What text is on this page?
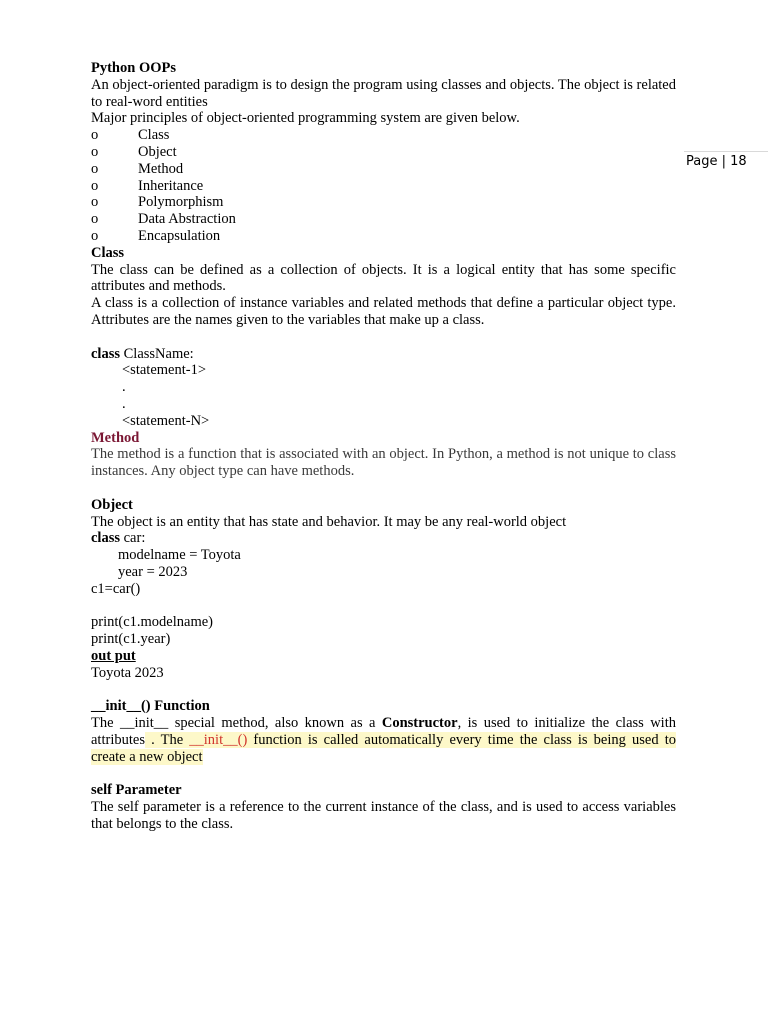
Page | 18
Python OOPs
An object-oriented paradigm is to design the program using classes and objects. The object is related to real-word entities
Major principles of object-oriented programming system are given below.
o	Class
o	Object
o	Method
o	Inheritance
o	Polymorphism
o	Data Abstraction
o	Encapsulation
Class
The class can be defined as a collection of objects. It is a logical entity that has some specific attributes and methods.
A class is a collection of instance variables and related methods that define a particular object type. Attributes are the names given to the variables that make up a class.
class ClassName:
<statement-1>
.
.
<statement-N>
Method
The method is a function that is associated with an object. In Python, a method is not unique to class instances. Any object type can have methods.
Object
The object is an entity that has state and behavior. It may be any real-world object
class car:
modelname = Toyota
year = 2023
c1=car()
print(c1.modelname)
print(c1.year)
out put
Toyota 2023
__init__() Function
The __init__ special method, also known as a Constructor, is used to initialize the class with attributes . The __init__() function is called automatically every time the class is being used to create a new object
self Parameter
The self parameter is a reference to the current instance of the class, and is used to access variables that belongs to the class.
